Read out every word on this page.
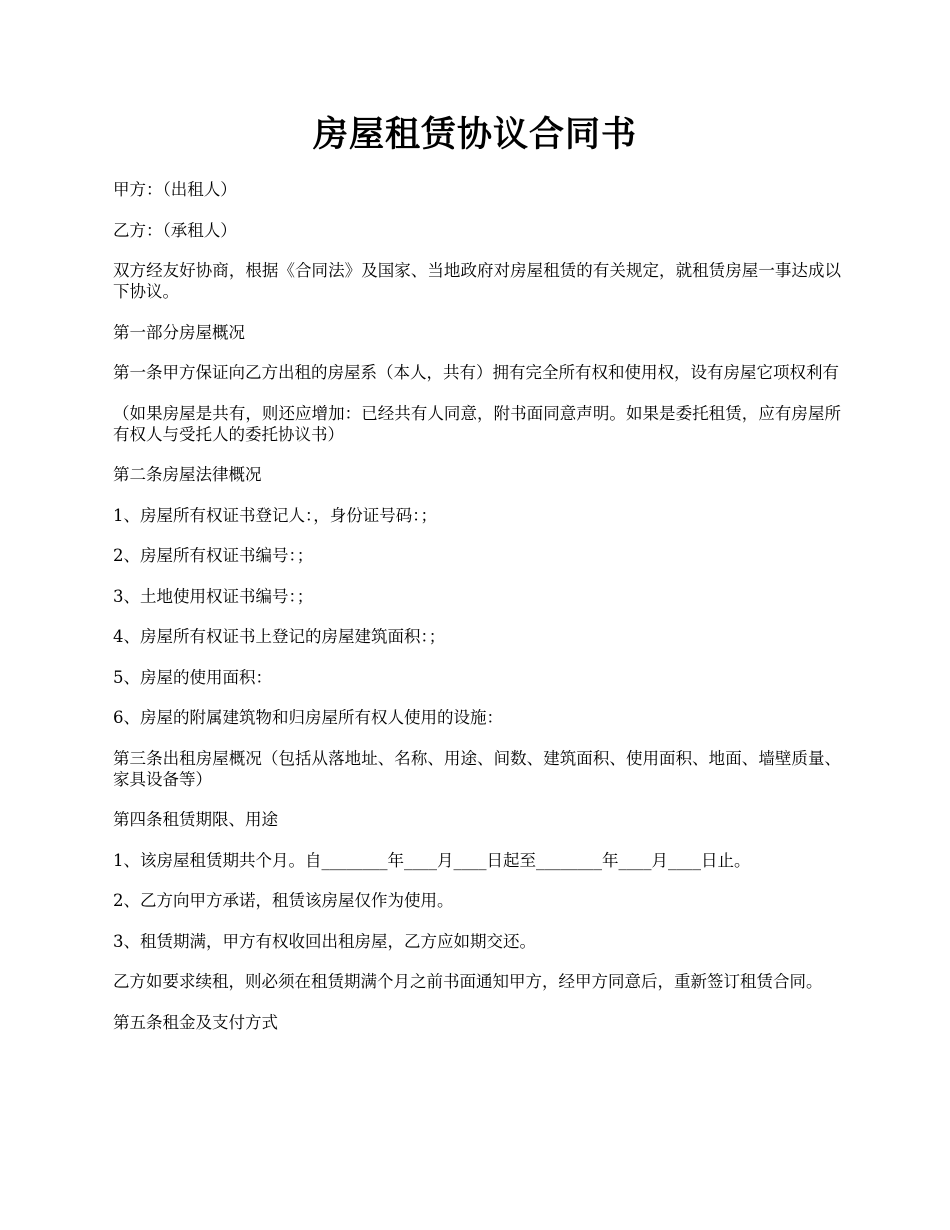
房屋租赁协议合同书

甲方：（出租人）

乙方：（承租人）

双方经友好协商，根据《合同法》及国家、当地政府对房屋租赁的有关规定，就租赁房屋一事达成以下协议。

第一部分房屋概况

第一条甲方保证向乙方出租的房屋系（本人，共有）拥有完全所有权和使用权，设有房屋它项权利有

（如果房屋是共有，则还应增加：已经共有人同意，附书面同意声明。如果是委托租赁，应有房屋所有权人与受托人的委托协议书）

第二条房屋法律概况

1、房屋所有权证书登记人：，身份证号码：；

2、房屋所有权证书编号：；

3、土地使用权证书编号：；

4、房屋所有权证书上登记的房屋建筑面积：；

5、房屋的使用面积：

6、房屋的附属建筑物和归房屋所有权人使用的设施：

第三条出租房屋概况（包括从落地址、名称、用途、间数、建筑面积、使用面积、地面、墙壁质量、家具设备等）

第四条租赁期限、用途

1、该房屋租赁期共个月。自________年____月____日起至________年____月____日止。

2、乙方向甲方承诺，租赁该房屋仅作为使用。

3、租赁期满，甲方有权收回出租房屋，乙方应如期交还。

乙方如要求续租，则必须在租赁期满个月之前书面通知甲方，经甲方同意后，重新签订租赁合同。

第五条租金及支付方式
